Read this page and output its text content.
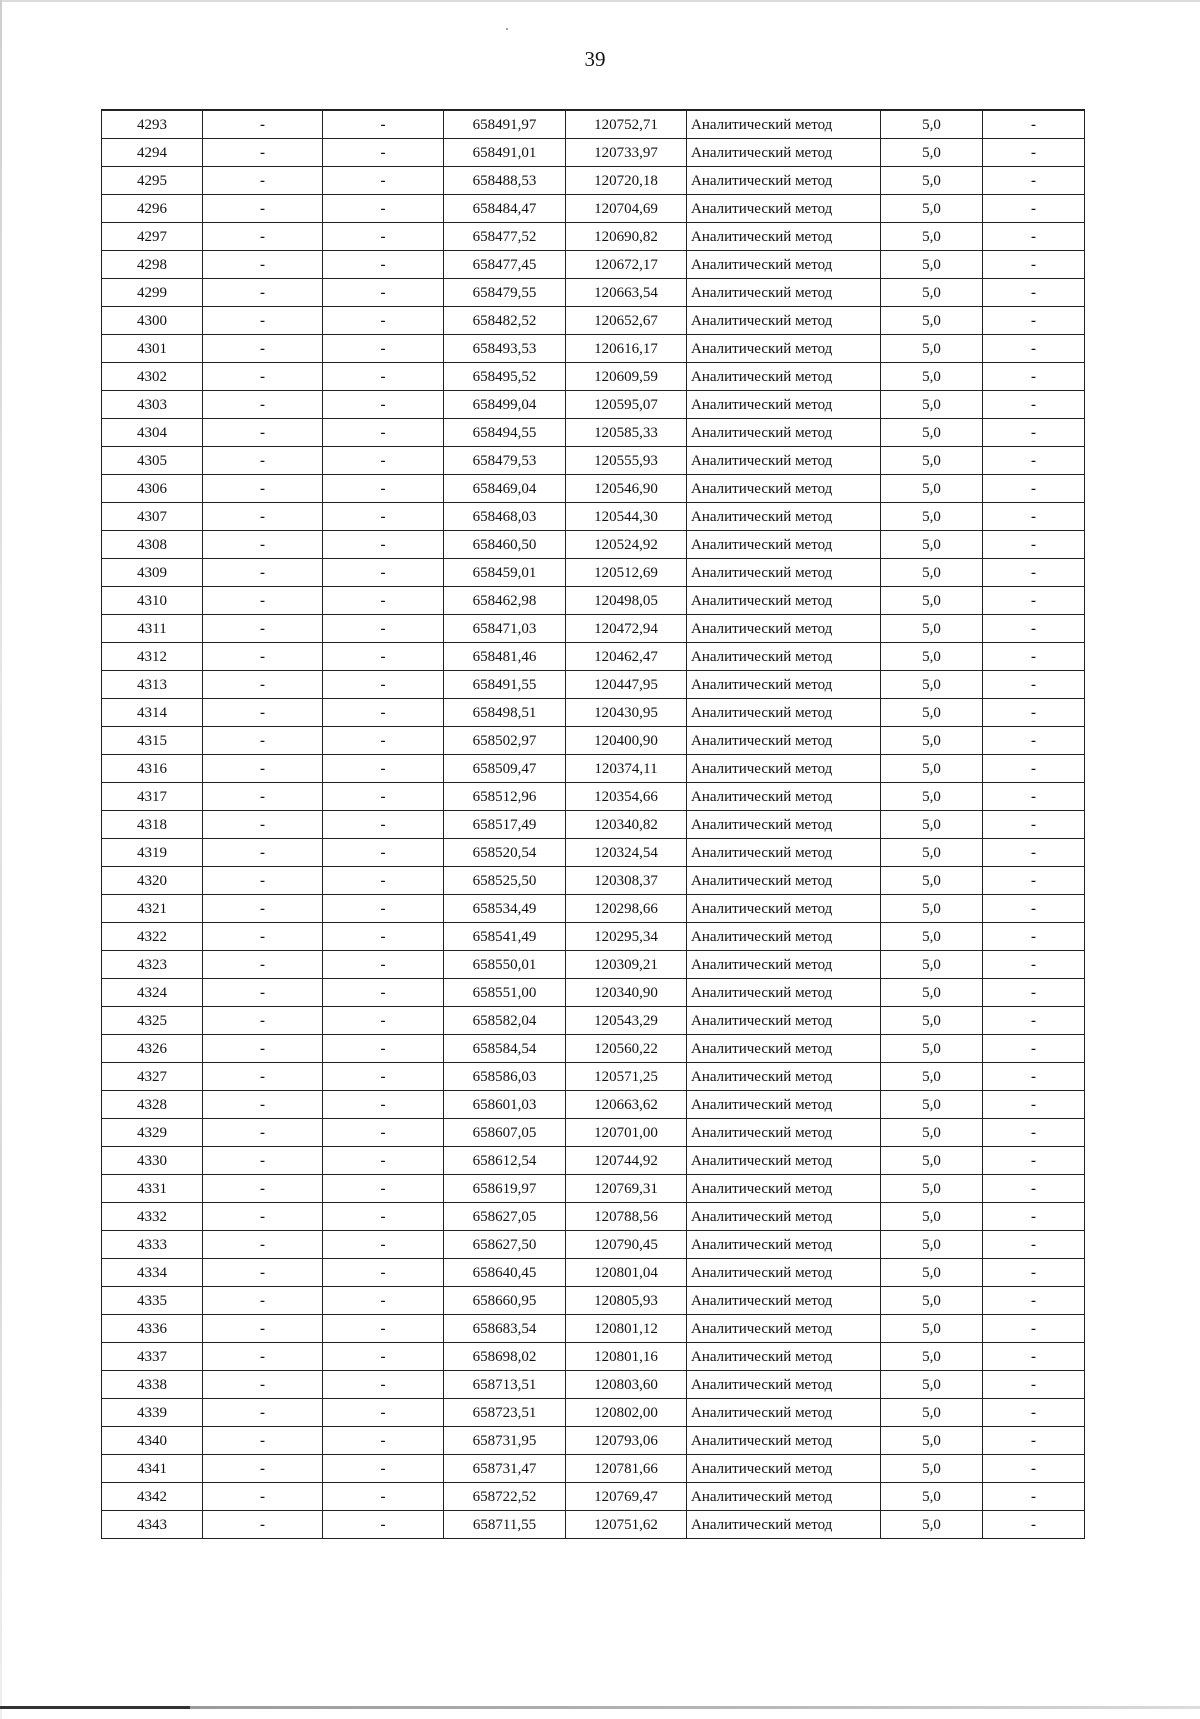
39
4293	-	-	658491,97	120752,71	Аналитический метод	5,0	-
4294	-	-	658491,01	120733,97	Аналитический метод	5,0	-
4295	-	-	658488,53	120720,18	Аналитический метод	5,0	-
4296	-	-	658484,47	120704,69	Аналитический метод	5,0	-
4297	-	-	658477,52	120690,82	Аналитический метод	5,0	-
4298	-	-	658477,45	120672,17	Аналитический метод	5,0	-
4299	-	-	658479,55	120663,54	Аналитический метод	5,0	-
4300	-	-	658482,52	120652,67	Аналитический метод	5,0	-
4301	-	-	658493,53	120616,17	Аналитический метод	5,0	-
4302	-	-	658495,52	120609,59	Аналитический метод	5,0	-
4303	-	-	658499,04	120595,07	Аналитический метод	5,0	-
4304	-	-	658494,55	120585,33	Аналитический метод	5,0	-
4305	-	-	658479,53	120555,93	Аналитический метод	5,0	-
4306	-	-	658469,04	120546,90	Аналитический метод	5,0	-
4307	-	-	658468,03	120544,30	Аналитический метод	5,0	-
4308	-	-	658460,50	120524,92	Аналитический метод	5,0	-
4309	-	-	658459,01	120512,69	Аналитический метод	5,0	-
4310	-	-	658462,98	120498,05	Аналитический метод	5,0	-
4311	-	-	658471,03	120472,94	Аналитический метод	5,0	-
4312	-	-	658481,46	120462,47	Аналитический метод	5,0	-
4313	-	-	658491,55	120447,95	Аналитический метод	5,0	-
4314	-	-	658498,51	120430,95	Аналитический метод	5,0	-
4315	-	-	658502,97	120400,90	Аналитический метод	5,0	-
4316	-	-	658509,47	120374,11	Аналитический метод	5,0	-
4317	-	-	658512,96	120354,66	Аналитический метод	5,0	-
4318	-	-	658517,49	120340,82	Аналитический метод	5,0	-
4319	-	-	658520,54	120324,54	Аналитический метод	5,0	-
4320	-	-	658525,50	120308,37	Аналитический метод	5,0	-
4321	-	-	658534,49	120298,66	Аналитический метод	5,0	-
4322	-	-	658541,49	120295,34	Аналитический метод	5,0	-
4323	-	-	658550,01	120309,21	Аналитический метод	5,0	-
4324	-	-	658551,00	120340,90	Аналитический метод	5,0	-
4325	-	-	658582,04	120543,29	Аналитический метод	5,0	-
4326	-	-	658584,54	120560,22	Аналитический метод	5,0	-
4327	-	-	658586,03	120571,25	Аналитический метод	5,0	-
4328	-	-	658601,03	120663,62	Аналитический метод	5,0	-
4329	-	-	658607,05	120701,00	Аналитический метод	5,0	-
4330	-	-	658612,54	120744,92	Аналитический метод	5,0	-
4331	-	-	658619,97	120769,31	Аналитический метод	5,0	-
4332	-	-	658627,05	120788,56	Аналитический метод	5,0	-
4333	-	-	658627,50	120790,45	Аналитический метод	5,0	-
4334	-	-	658640,45	120801,04	Аналитический метод	5,0	-
4335	-	-	658660,95	120805,93	Аналитический метод	5,0	-
4336	-	-	658683,54	120801,12	Аналитический метод	5,0	-
4337	-	-	658698,02	120801,16	Аналитический метод	5,0	-
4338	-	-	658713,51	120803,60	Аналитический метод	5,0	-
4339	-	-	658723,51	120802,00	Аналитический метод	5,0	-
4340	-	-	658731,95	120793,06	Аналитический метод	5,0	-
4341	-	-	658731,47	120781,66	Аналитический метод	5,0	-
4342	-	-	658722,52	120769,47	Аналитический метод	5,0	-
4343	-	-	658711,55	120751,62	Аналитический метод	5,0	-
